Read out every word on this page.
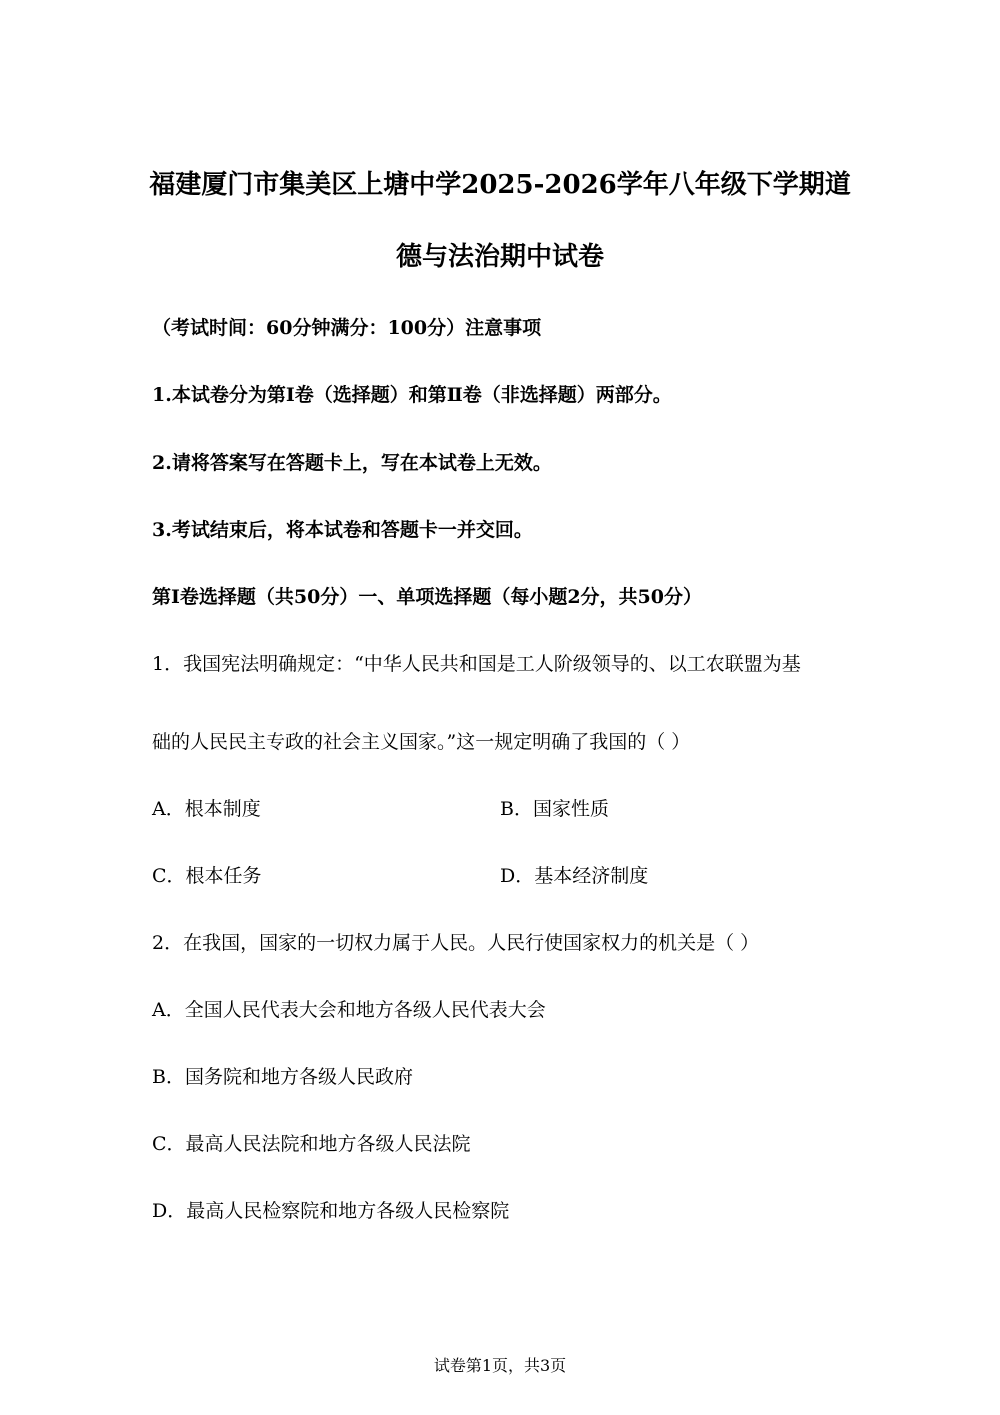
福建厦门市集美区上塘中学2025-2026学年八年级下学期道
德与法治期中试卷
（考试时间：60分钟满分：100分）注意事项
1.本试卷分为第Ⅰ卷（选择题）和第Ⅱ卷（非选择题）两部分。
2.请将答案写在答题卡上，写在本试卷上无效。
3.考试结束后，将本试卷和答题卡一并交回。
第Ⅰ卷选择题（共50分）一、单项选择题（每小题2分，共50分）
1．我国宪法明确规定：“中华人民共和国是工人阶级领导的、以工农联盟为基
础的人民民主专政的社会主义国家。”这一规定明确了我国的（ ）
A．根本制度	B．国家性质
C．根本任务	D．基本经济制度
2．在我国，国家的一切权力属于人民。人民行使国家权力的机关是（ ）
A．全国人民代表大会和地方各级人民代表大会
B．国务院和地方各级人民政府
C．最高人民法院和地方各级人民法院
D．最高人民检察院和地方各级人民检察院
试卷第1页，共3页
